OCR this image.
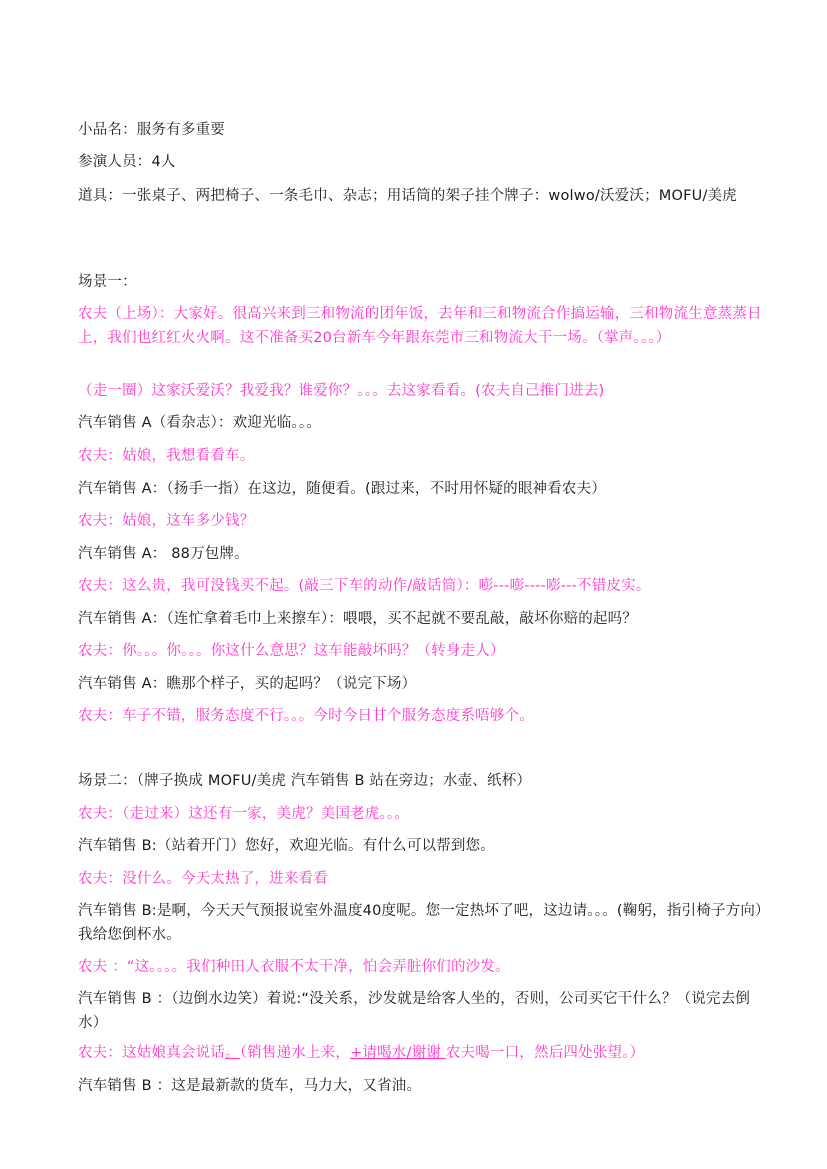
小品名：服务有多重要
参演人员：4人
道具：一张桌子、两把椅子、一条毛巾、杂志；用话筒的架子挂个牌子：wolwo/沃爱沃；MOFU/美虎
场景一：
农夫（上场）：大家好。很高兴来到三和物流的团年饭，去年和三和物流合作搞运输，三和物流生意蒸蒸日上，我们也红红火火啊。这不准备买20台新车今年跟东莞市三和物流大干一场。（掌声。。。）
（走一圈）这家沃爱沃？我爱我？谁爱你？。。。去这家看看。(农夫自己推门进去)
汽车销售 A（看杂志）：欢迎光临。。。
农夫：姑娘，我想看看车。
汽车销售 A：（扬手一指）在这边，随便看。(跟过来，不时用怀疑的眼神看农夫）
农夫：姑娘，这车多少钱？
汽车销售 A： 88万包牌。
农夫：这么贵，我可没钱买不起。(敲三下车的动作/敲话筒）：嘭---嘭----嘭---不错皮实。
汽车销售 A：（连忙拿着毛巾上来擦车）：喂喂，买不起就不要乱敲，敲坏你赔的起吗？
农夫：你。。。你。。。你这什么意思？这车能敲坏吗？（转身走人）
汽车销售 A：瞧那个样子，买的起吗？（说完下场）
农夫：车子不错，服务态度不行。。。今时今日甘个服务态度系唔够个。
场景二：（牌子换成 MOFU/美虎 汽车销售 B 站在旁边；水壶、纸杯）
农夫：（走过来）这还有一家，美虎？美国老虎。。。
汽车销售 B:（站着开门）您好，欢迎光临。有什么可以帮到您。
农夫：没什么。今天太热了，进来看看
汽车销售 B:是啊，今天天气预报说室外温度40度呢。您一定热坏了吧，这边请。。。(鞠躬，指引椅子方向）我给您倒杯水。
农夫 ：“这。。。。我们种田人衣服不太干净，怕会弄脏你们的沙发。
汽车销售 B ：（边倒水边笑）着说:“没关系，沙发就是给客人坐的，否则，公司买它干什么？（说完去倒水）
农夫：这姑娘真会说话。（销售递水上来，+请喝水/谢谢 农夫喝一口，然后四处张望。）
汽车销售 B ：这是最新款的货车，马力大，又省油。
